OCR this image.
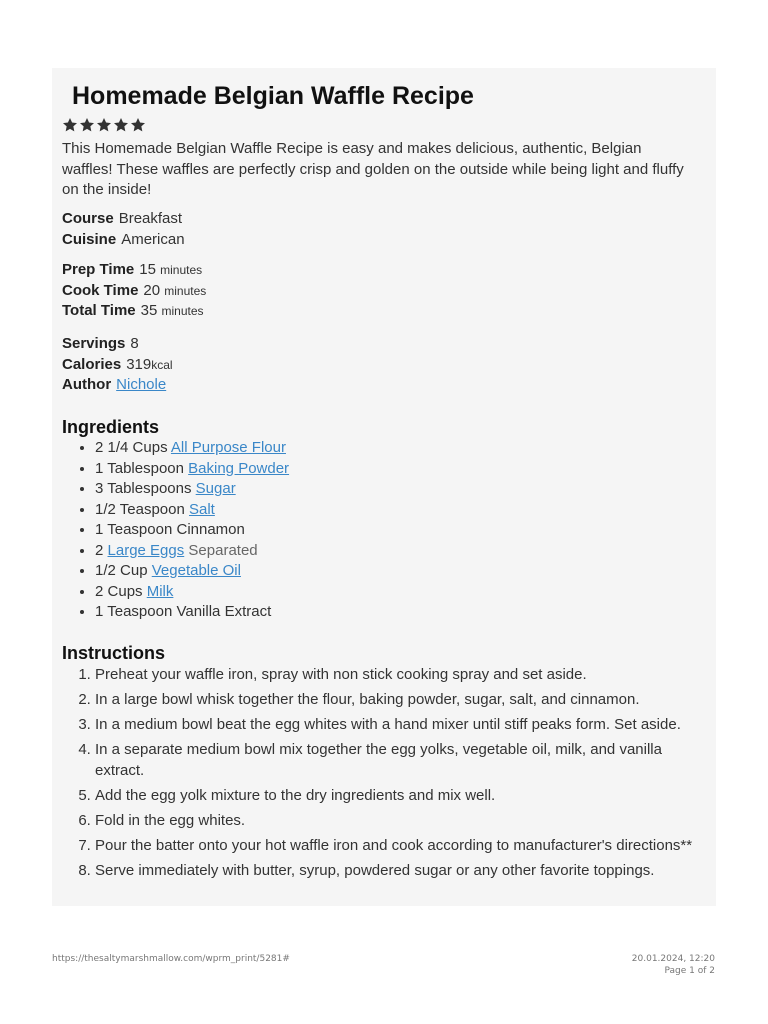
Homemade Belgian Waffle Recipe
This Homemade Belgian Waffle Recipe is easy and makes delicious, authentic, Belgian waffles! These waffles are perfectly crisp and golden on the outside while being light and fluffy on the inside!
Course Breakfast
Cuisine American
Prep Time 15 minutes
Cook Time 20 minutes
Total Time 35 minutes
Servings 8
Calories 319kcal
Author Nichole
Ingredients
• 2 1/4 Cups All Purpose Flour
• 1 Tablespoon Baking Powder
• 3 Tablespoons Sugar
• 1/2 Teaspoon Salt
• 1 Teaspoon Cinnamon
• 2 Large Eggs Separated
• 1/2 Cup Vegetable Oil
• 2 Cups Milk
• 1 Teaspoon Vanilla Extract
Instructions
1. Preheat your waffle iron, spray with non stick cooking spray and set aside.
2. In a large bowl whisk together the flour, baking powder, sugar, salt, and cinnamon.
3. In a medium bowl beat the egg whites with a hand mixer until stiff peaks form. Set aside.
4. In a separate medium bowl mix together the egg yolks, vegetable oil, milk, and vanilla extract.
5. Add the egg yolk mixture to the dry ingredients and mix well.
6. Fold in the egg whites.
7. Pour the batter onto your hot waffle iron and cook according to manufacturer's directions**
8. Serve immediately with butter, syrup, powdered sugar or any other favorite toppings.
https://thesaltymarshmallow.com/wprm_print/5281#	20.01.2024, 12:20
Page 1 of 2
